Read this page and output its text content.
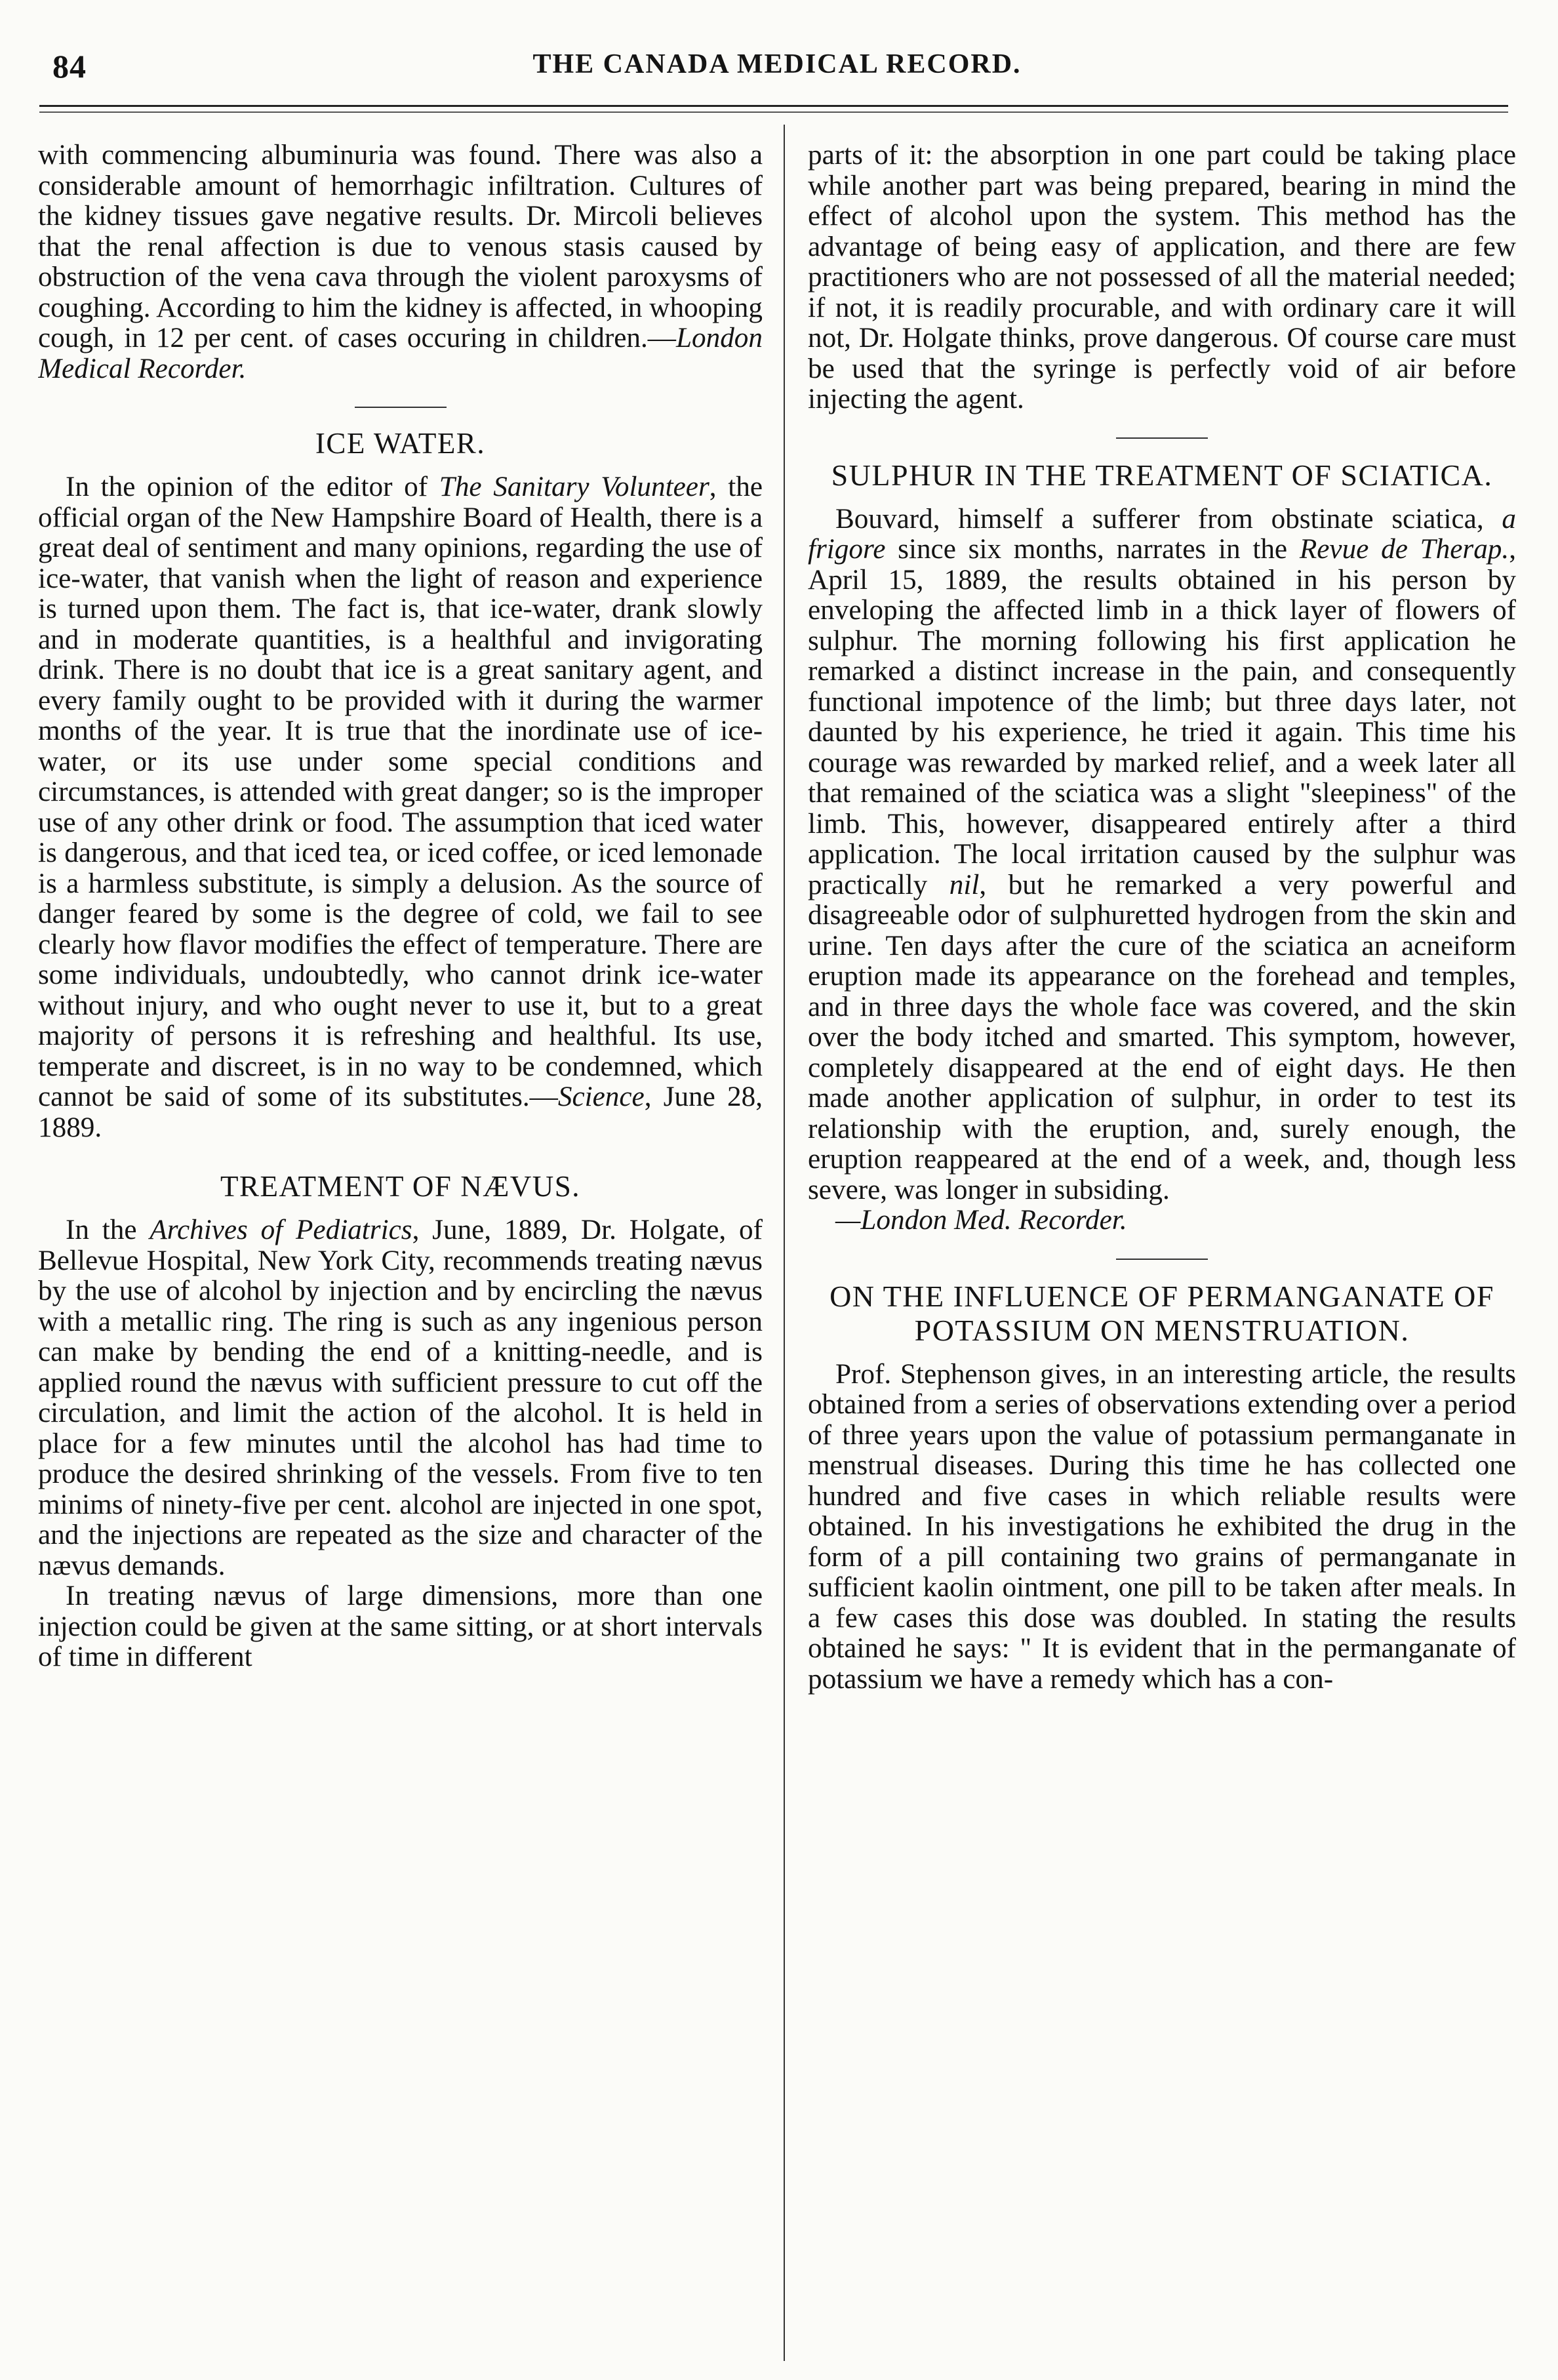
84	THE CANADA MEDICAL RECORD.

with commencing albuminuria was found. There was also a considerable amount of hemorrhagic infiltration. Cultures of the kidney tissues gave negative results. Dr. Mircoli believes that the renal affection is due to venous stasis caused by obstruction of the vena cava through the violent paroxysms of coughing. According to him the kidney is affected, in whooping cough, in 12 per cent. of cases occuring in children.—London Medical Recorder.

ICE WATER.

In the opinion of the editor of The Sanitary Volunteer, the official organ of the New Hampshire Board of Health, there is a great deal of sentiment and many opinions, regarding the use of ice-water, that vanish when the light of reason and experience is turned upon them. The fact is, that ice-water, drank slowly and in moderate quantities, is a healthful and invigorating drink. There is no doubt that ice is a great sanitary agent, and every family ought to be provided with it during the warmer months of the year. It is true that the inordinate use of ice-water, or its use under some special conditions and circumstances, is attended with great danger; so is the improper use of any other drink or food. The assumption that iced water is dangerous, and that iced tea, or iced coffee, or iced lemonade is a harmless substitute, is simply a delusion. As the source of danger feared by some is the degree of cold, we fail to see clearly how flavor modifies the effect of temperature. There are some individuals, undoubtedly, who cannot drink ice-water without injury, and who ought never to use it, but to a great majority of persons it is refreshing and healthful. Its use, temperate and discreet, is in no way to be condemned, which cannot be said of some of its substitutes.—Science, June 28, 1889.

TREATMENT OF NÆVUS.

In the Archives of Pediatrics, June, 1889, Dr. Holgate, of Bellevue Hospital, New York City, recommends treating nævus by the use of alcohol by injection and by encircling the nævus with a metallic ring. The ring is such as any ingenious person can make by bending the end of a knitting-needle, and is applied round the nævus with sufficient pressure to cut off the circulation, and limit the action of the alcohol. It is held in place for a few minutes until the alcohol has had time to produce the desired shrinking of the vessels. From five to ten minims of ninety-five per cent. alcohol are injected in one spot, and the injections are repeated as the size and character of the nævus demands.

In treating nævus of large dimensions, more than one injection could be given at the same sitting, or at short intervals of time in different

parts of it: the absorption in one part could be taking place while another part was being prepared, bearing in mind the effect of alcohol upon the system. This method has the advantage of being easy of application, and there are few practitioners who are not possessed of all the material needed; if not, it is readily procurable, and with ordinary care it will not, Dr. Holgate thinks, prove dangerous. Of course care must be used that the syringe is perfectly void of air before injecting the agent.

SULPHUR IN THE TREATMENT OF SCIATICA.

Bouvard, himself a sufferer from obstinate sciatica, a frigore since six months, narrates in the Revue de Therap., April 15, 1889, the results obtained in his person by enveloping the affected limb in a thick layer of flowers of sulphur. The morning following his first application he remarked a distinct increase in the pain, and consequently functional impotence of the limb; but three days later, not daunted by his experience, he tried it again. This time his courage was rewarded by marked relief, and a week later all that remained of the sciatica was a slight "sleepiness" of the limb. This, however, disappeared entirely after a third application. The local irritation caused by the sulphur was practically nil, but he remarked a very powerful and disagreeable odor of sulphuretted hydrogen from the skin and urine. Ten days after the cure of the sciatica an acneiform eruption made its appearance on the forehead and temples, and in three days the whole face was covered, and the skin over the body itched and smarted. This symptom, however, completely disappeared at the end of eight days. He then made another application of sulphur, in order to test its relationship with the eruption, and, surely enough, the eruption reappeared at the end of a week, and, though less severe, was longer in subsiding.

—London Med. Recorder.

ON THE INFLUENCE OF PERMANGANATE OF POTASSIUM ON MENSTRUATION.

Prof. Stephenson gives, in an interesting article, the results obtained from a series of observations extending over a period of three years upon the value of potassium permanganate in menstrual diseases. During this time he has collected one hundred and five cases in which reliable results were obtained. In his investigations he exhibited the drug in the form of a pill containing two grains of permanganate in sufficient kaolin ointment, one pill to be taken after meals. In a few cases this dose was doubled. In stating the results obtained he says: " It is evident that in the permanganate of potassium we have a remedy which has a con-
